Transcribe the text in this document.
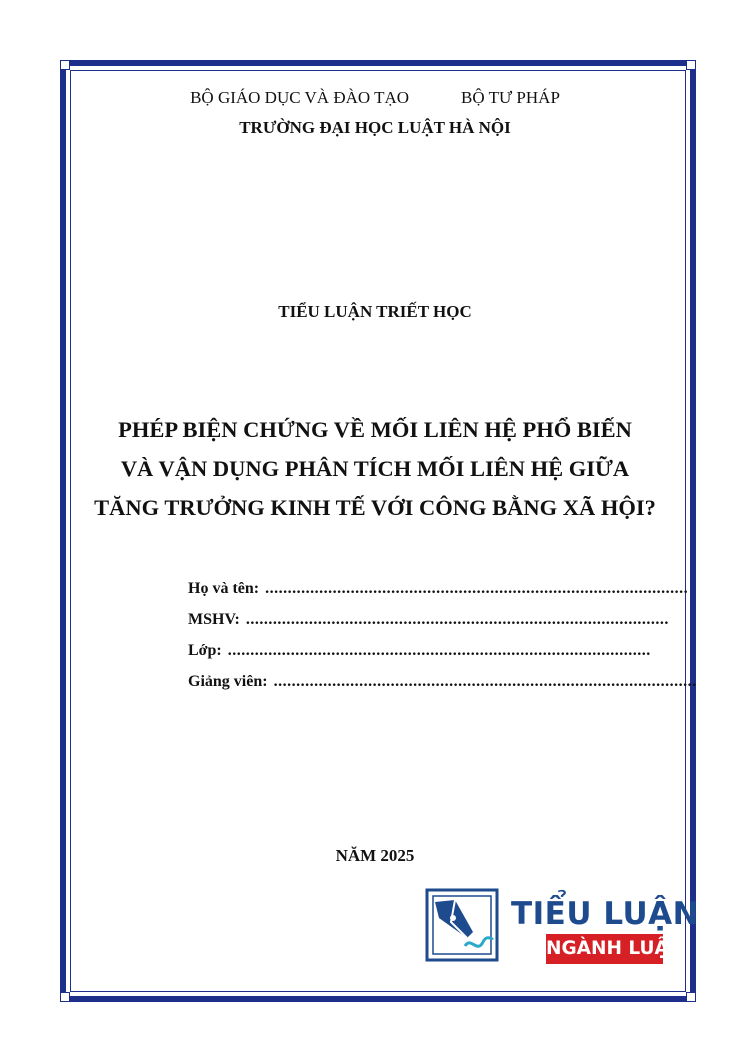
BỘ GIÁO DỤC VÀ ĐÀO TẠO	BỘ TƯ PHÁP
TRƯỜNG ĐẠI HỌC LUẬT HÀ NỘI
TIỂU LUẬN TRIẾT HỌC
PHÉP BIỆN CHỨNG VỀ MỐI LIÊN HỆ PHỔ BIẾN
VÀ VẬN DỤNG PHÂN TÍCH MỐI LIÊN HỆ GIỮA
TĂNG TRƯỞNG KINH TẾ VỚI CÔNG BẰNG XÃ HỘI?
Họ và tên: ..............................................................................................
MSHV: ..............................................................................................
Lớp: ..............................................................................................
Giảng viên: ..............................................................................................
NĂM 2025
TIỂU LUẬN
NGÀNH LUẬT
